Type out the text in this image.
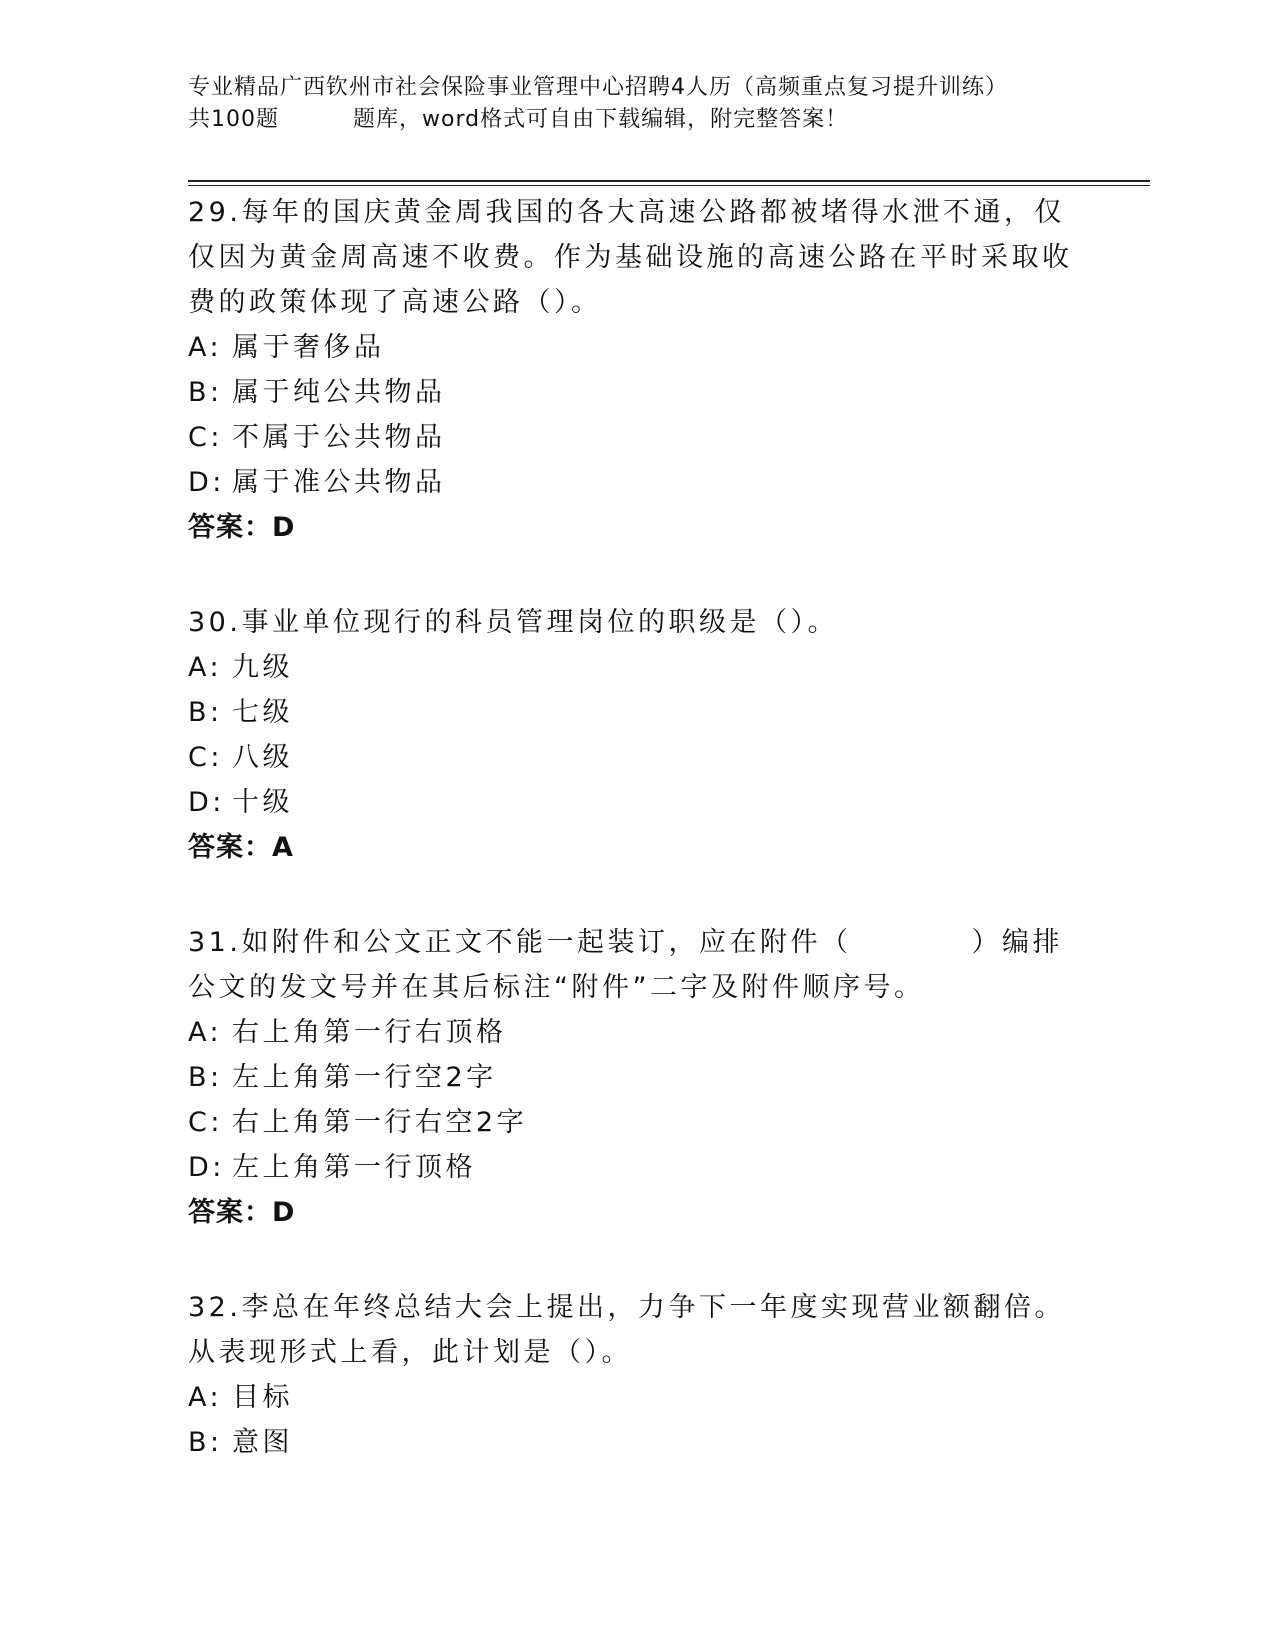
专业精品广西钦州市社会保险事业管理中心招聘4人历（高频重点复习提升训练）
共100题	题库，word格式可自由下载编辑，附完整答案！

29.每年的国庆黄金周我国的各大高速公路都被堵得水泄不通，仅仅因为黄金周高速不收费。作为基础设施的高速公路在平时采取收费的政策体现了高速公路（）。

A: 属于奢侈品

B: 属于纯公共物品

C: 不属于公共物品

D: 属于准公共物品

答案：D

30.事业单位现行的科员管理岗位的职级是（）。

A: 九级

B: 七级

C: 八级

D: 十级

答案：A

31.如附件和公文正文不能一起装订，应在附件（	）编排公文的发文号并在其后标注“附件”二字及附件顺序号。

A: 右上角第一行右顶格

B: 左上角第一行空2字

C: 右上角第一行右空2字

D: 左上角第一行顶格

答案：D

32.李总在年终总结大会上提出，力争下一年度实现营业额翻倍。从表现形式上看，此计划是（）。

A: 目标

B: 意图
